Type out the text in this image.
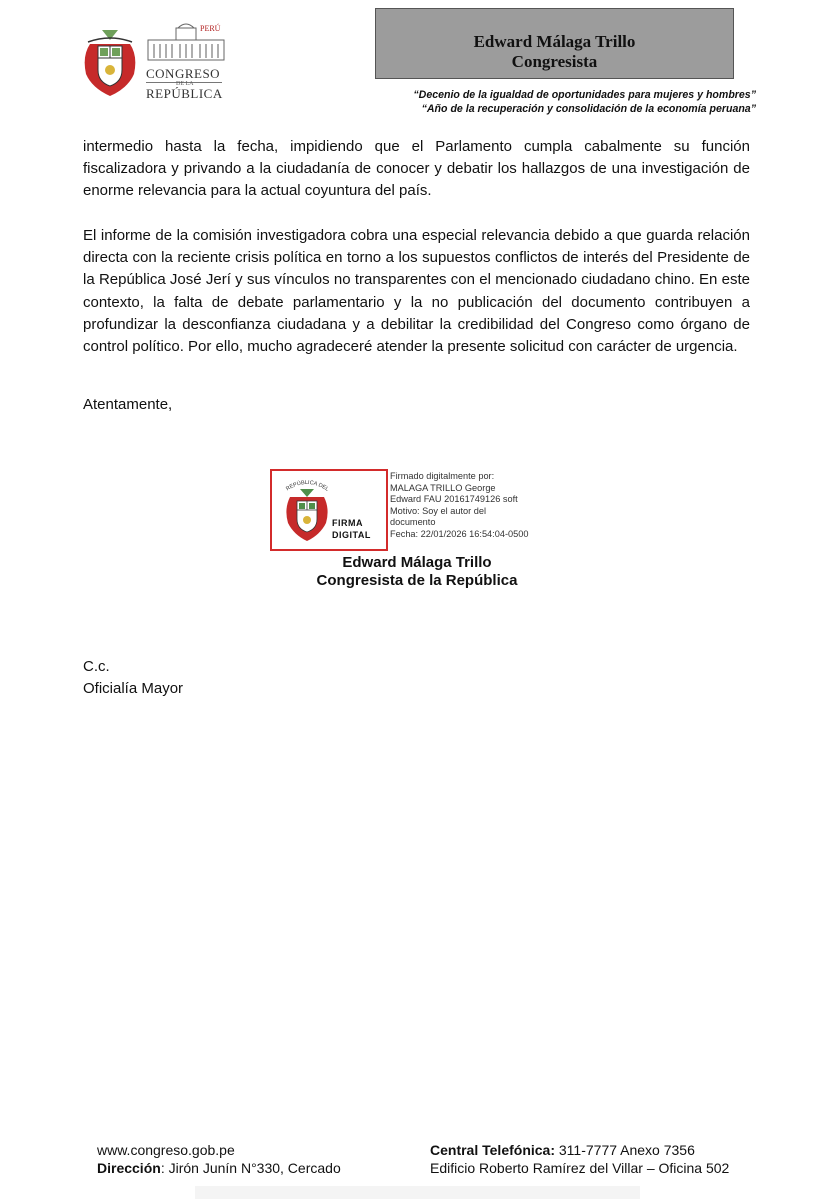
PERÚ
CONGRESO
DE LA
REPÚBLICA
Edward Málaga Trillo
Congresista
“Decenio de la igualdad de oportunidades para mujeres y hombres”
“Año de la recuperación y consolidación de la economía peruana”

intermedio hasta la fecha, impidiendo que el Parlamento cumpla cabalmente su función fiscalizadora y privando a la ciudadanía de conocer y debatir los hallazgos de una investigación de enorme relevancia para la actual coyuntura del país.

El informe de la comisión investigadora cobra una especial relevancia debido a que guarda relación directa con la reciente crisis política en torno a los supuestos conflictos de interés del Presidente de la República José Jerí y sus vínculos no transparentes con el mencionado ciudadano chino. En este contexto, la falta de debate parlamentario y la no publicación del documento contribuyen a profundizar la desconfianza ciudadana y a debilitar la credibilidad del Congreso como órgano de control político. Por ello, mucho agradeceré atender la presente solicitud con carácter de urgencia.

Atentamente,
FIRMA
DIGITAL
REPÚBLICA DEL
Firmado digitalmente por:
MALAGA TRILLO George
Edward FAU 20161749126 soft
Motivo: Soy el autor del
documento
Fecha: 22/01/2026 16:54:04-0500
Edward Málaga Trillo
Congresista de la República
C.c.
Oficialía Mayor
www.congreso.gob.pe
Dirección: Jirón Junín N°330, Cercado
Central Telefónica: 311-7777 Anexo 7356
Edificio Roberto Ramírez del Villar – Oficina 502
